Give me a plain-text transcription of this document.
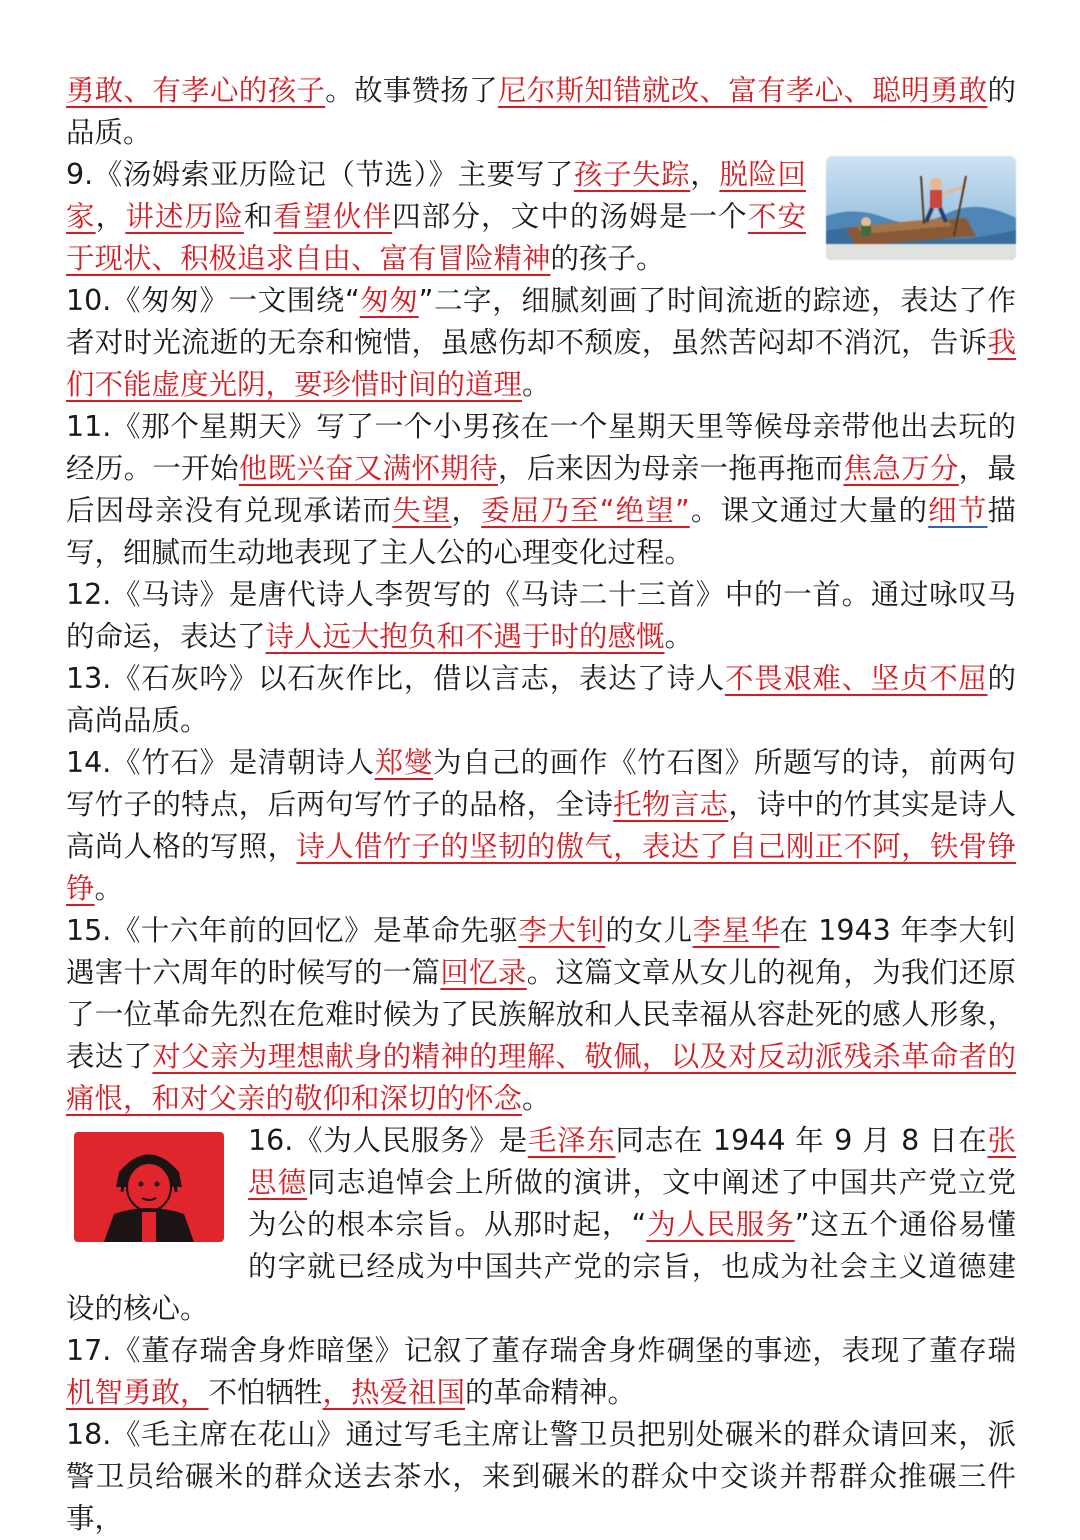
勇敢、有孝心的孩子。故事赞扬了尼尔斯知错就改、富有孝心、聪明勇敢的品质。

9.《汤姆索亚历险记（节选）》主要写了孩子失踪，脱险回家，讲述历险和看望伙伴四部分，文中的汤姆是一个不安于现状、积极追求自由、富有冒险精神的孩子。

10.《匆匆》一文围绕“匆匆”二字，细腻刻画了时间流逝的踪迹，表达了作者对时光流逝的无奈和惋惜，虽感伤却不颓废，虽然苦闷却不消沉，告诉我们不能虚度光阴，要珍惜时间的道理。

11.《那个星期天》写了一个小男孩在一个星期天里等候母亲带他出去玩的经历。一开始他既兴奋又满怀期待，后来因为母亲一拖再拖而焦急万分，最后因母亲没有兑现承诺而失望，委屈乃至“绝望”。课文通过大量的细节描写，细腻而生动地表现了主人公的心理变化过程。

12.《马诗》是唐代诗人李贺写的《马诗二十三首》中的一首。通过咏叹马的命运，表达了诗人远大抱负和不遇于时的感慨。

13.《石灰吟》以石灰作比，借以言志，表达了诗人不畏艰难、坚贞不屈的高尚品质。

14.《竹石》是清朝诗人郑燮为自己的画作《竹石图》所题写的诗，前两句写竹子的特点，后两句写竹子的品格，全诗托物言志，诗中的竹其实是诗人高尚人格的写照，诗人借竹子的坚韧的傲气，表达了自己刚正不阿，铁骨铮铮。

15.《十六年前的回忆》是革命先驱李大钊的女儿李星华在 1943 年李大钊遇害十六周年的时候写的一篇回忆录。这篇文章从女儿的视角，为我们还原了一位革命先烈在危难时候为了民族解放和人民幸福从容赴死的感人形象，表达了对父亲为理想献身的精神的理解、敬佩，以及对反动派残杀革命者的痛恨，和对父亲的敬仰和深切的怀念。

16.《为人民服务》是毛泽东同志在 1944 年 9 月 8 日在张思德同志追悼会上所做的演讲，文中阐述了中国共产党立党为公的根本宗旨。从那时起，“为人民服务”这五个通俗易懂的字就已经成为中国共产党的宗旨，也成为社会主义道德建设的核心。

17.《董存瑞舍身炸暗堡》记叙了董存瑞舍身炸碉堡的事迹，表现了董存瑞机智勇敢，不怕牺牲，热爱祖国的革命精神。

18.《毛主席在花山》通过写毛主席让警卫员把别处碾米的群众请回来，派警卫员给碾米的群众送去茶水，来到碾米的群众中交谈并帮群众推碾三件事，
